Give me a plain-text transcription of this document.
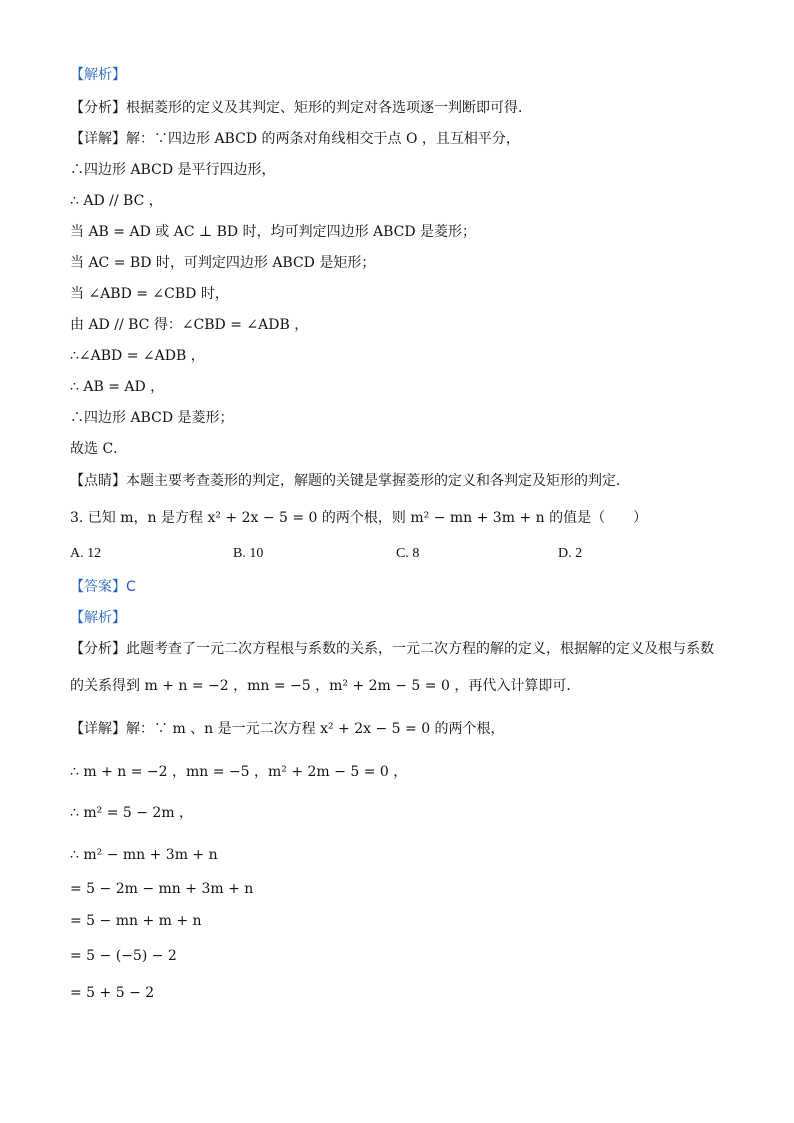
【解析】
【分析】根据菱形的定义及其判定、矩形的判定对各选项逐一判断即可得．
【详解】解：∵四边形 ABCD 的两条对角线相交于点 O ，且互相平分，
∴四边形 ABCD 是平行四边形，
∴ AD // BC ，
当 AB = AD 或 AC ⊥ BD 时，均可判定四边形 ABCD 是菱形；
当 AC = BD 时，可判定四边形 ABCD 是矩形；
当 ∠ABD = ∠CBD 时，
由 AD // BC 得：∠CBD = ∠ADB ，
∴∠ABD = ∠ADB ，
∴ AB = AD ，
∴四边形 ABCD 是菱形；
故选 C．
【点睛】本题主要考查菱形的判定，解题的关键是掌握菱形的定义和各判定及矩形的判定．
3. 已知 m，n 是方程 x² + 2x − 5 = 0 的两个根，则 m² − mn + 3m + n 的值是（　　）
A. 12	B. 10	C. 8	D. 2
【答案】C
【解析】
【分析】此题考查了一元二次方程根与系数的关系，一元二次方程的解的定义，根据解的定义及根与系数
的关系得到 m + n = −2 ，mn = −5 ，m² + 2m − 5 = 0 ，再代入计算即可．
【详解】解：∵ m 、n 是一元二次方程 x² + 2x − 5 = 0 的两个根，
∴ m + n = −2 ，mn = −5 ，m² + 2m − 5 = 0 ，
∴ m² = 5 − 2m ，
∴ m² − mn + 3m + n
= 5 − 2m − mn + 3m + n
= 5 − mn + m + n
= 5 − (−5) − 2
= 5 + 5 − 2
